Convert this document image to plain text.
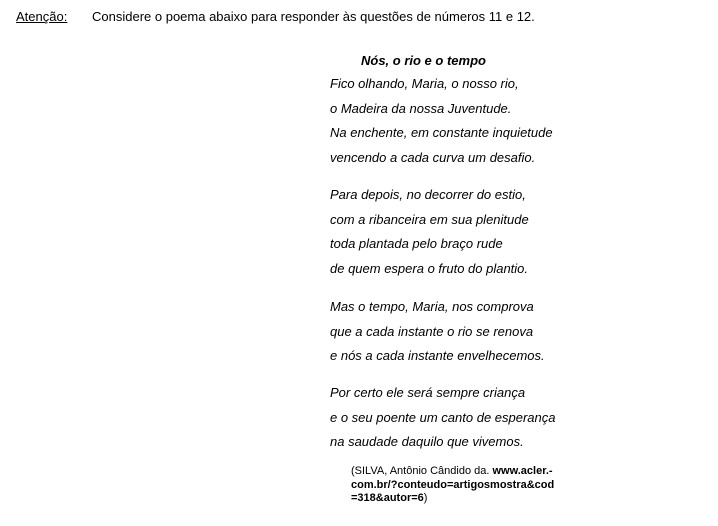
Atenção: Considere o poema abaixo para responder às questões de números 11 e 12.
Nós, o rio e o tempo
Fico olhando, Maria, o nosso rio,
o Madeira da nossa Juventude.
Na enchente, em constante inquietude
vencendo a cada curva um desafio.
Para depois, no decorrer do estio,
com a ribanceira em sua plenitude
toda plantada pelo braço rude
de quem espera o fruto do plantio.
Mas o tempo, Maria, nos comprova
que a cada instante o rio se renova
e nós a cada instante envelhecemos.
Por certo ele será sempre criança
e o seu poente um canto de esperança
na saudade daquilo que vivemos.
(SILVA, Antônio Cândido da. www.acler.-
com.br/?conteudo=artigosmostra&cod
=318&autor=6)
